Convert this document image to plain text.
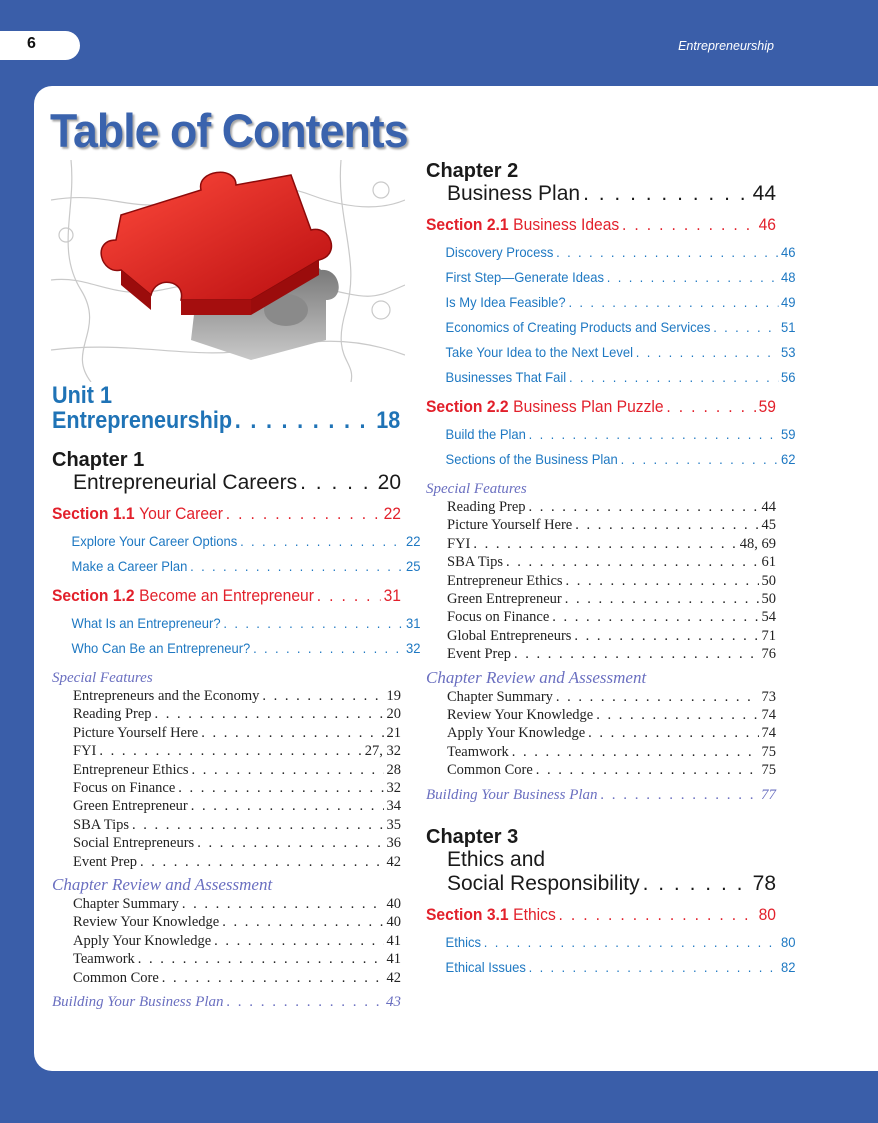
6	Entrepreneurship
Table of Contents
Unit 1
Entrepreneurship . . .	18
Chapter 1
Entrepreneurial Careers . . .	20
Section 1.1 Your Career . . .	22
Explore Your Career Options . . .	22
Make a Career Plan . . .	25
Section 1.2 Become an Entrepreneur . . .	31
What Is an Entrepreneur? . . .	31
Who Can Be an Entrepreneur? . . .	32
Special Features
Entrepreneurs and the Economy . . .	19
Reading Prep . . .	20
Picture Yourself Here . . .	21
FYI . . .	27, 32
Entrepreneur Ethics . . .	28
Focus on Finance . . .	32
Green Entrepreneur . . .	34
SBA Tips . . .	35
Social Entrepreneurs . . .	36
Event Prep . . .	42
Chapter Review and Assessment
Chapter Summary . . .	40
Review Your Knowledge . . .	40
Apply Your Knowledge . . .	41
Teamwork . . .	41
Common Core . . .	42
Building Your Business Plan . . .	43
Chapter 2
Business Plan . . .	44
Section 2.1 Business Ideas . . .	46
Discovery Process . . .	46
First Step—Generate Ideas . . .	48
Is My Idea Feasible? . . .	49
Economics of Creating Products and Services . . .	51
Take Your Idea to the Next Level . . .	53
Businesses That Fail . . .	56
Section 2.2 Business Plan Puzzle . . .	59
Build the Plan . . .	59
Sections of the Business Plan . . .	62
Special Features
Reading Prep . . .	44
Picture Yourself Here . . .	45
FYI . . .	48, 69
SBA Tips . . .	61
Entrepreneur Ethics . . .	50
Green Entrepreneur . . .	50
Focus on Finance . . .	54
Global Entrepreneurs . . .	71
Event Prep . . .	76
Chapter Review and Assessment
Chapter Summary . . .	73
Review Your Knowledge . . .	74
Apply Your Knowledge . . .	74
Teamwork . . .	75
Common Core . . .	75
Building Your Business Plan . . .	77
Chapter 3
Ethics and
Social Responsibility . . .	78
Section 3.1 Ethics . . .	80
Ethics . . .	80
Ethical Issues . . .	82
